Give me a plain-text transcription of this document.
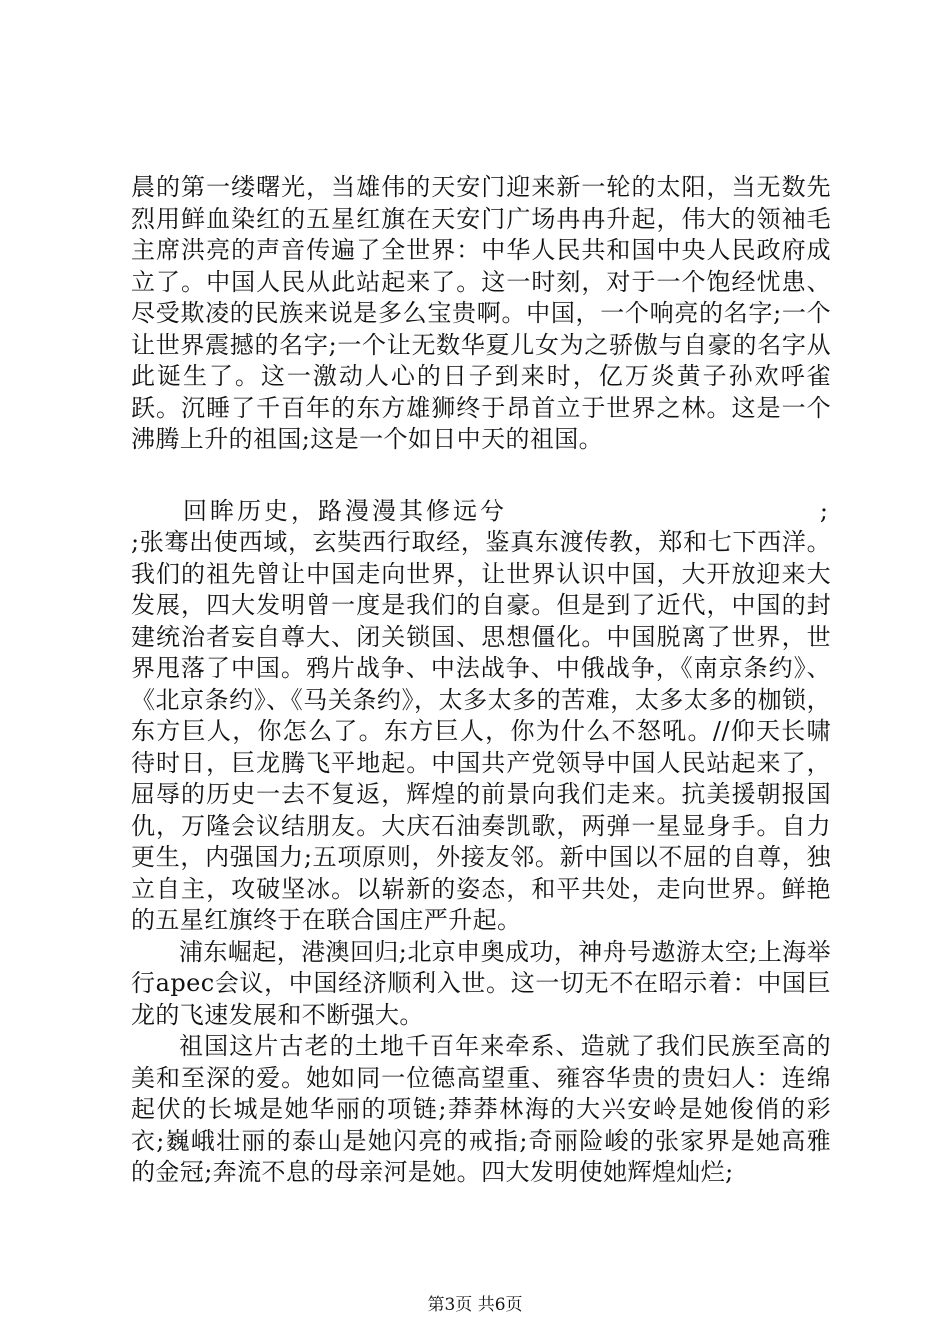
晨的第一缕曙光，当雄伟的天安门迎来新一轮的太阳，当无数先烈用鲜血染红的五星红旗在天安门广场冉冉升起，伟大的领袖毛主席洪亮的声音传遍了全世界：中华人民共和国中央人民政府成立了。中国人民从此站起来了。这一时刻，对于一个饱经忧患、尽受欺凌的民族来说是多么宝贵啊。中国，一个响亮的名字;一个让世界震撼的名字;一个让无数华夏儿女为之骄傲与自豪的名字从此诞生了。这一激动人心的日子到来时，亿万炎黄子孙欢呼雀跃。沉睡了千百年的东方雄狮终于昂首立于世界之林。这是一个沸腾上升的祖国;这是一个如日中天的祖国。

回眸历史，路漫漫其修远兮	;

;张骞出使西域，玄奘西行取经，鉴真东渡传教，郑和七下西洋。我们的祖先曾让中国走向世界，让世界认识中国，大开放迎来大发展，四大发明曾一度是我们的自豪。但是到了近代，中国的封建统治者妄自尊大、闭关锁国、思想僵化。中国脱离了世界，世界甩落了中国。鸦片战争、中法战争、中俄战争，《南京条约》、《北京条约》、《马关条约》，太多太多的苦难，太多太多的枷锁，东方巨人，你怎么了。东方巨人，你为什么不怒吼。//仰天长啸待时日，巨龙腾飞平地起。中国共产党领导中国人民站起来了，屈辱的历史一去不复返，辉煌的前景向我们走来。抗美援朝报国仇，万隆会议结朋友。大庆石油奏凯歌，两弹一星显身手。自力更生，内强国力;五项原则，外接友邻。新中国以不屈的自尊，独立自主，攻破坚冰。以崭新的姿态，和平共处，走向世界。鲜艳的五星红旗终于在联合国庄严升起。

浦东崛起，港澳回归;北京申奥成功，神舟号遨游太空;上海举行apec会议，中国经济顺利入世。这一切无不在昭示着：中国巨龙的飞速发展和不断强大。

祖国这片古老的土地千百年来牵系、造就了我们民族至高的美和至深的爱。她如同一位德高望重、雍容华贵的贵妇人：连绵起伏的长城是她华丽的项链;莽莽林海的大兴安岭是她俊俏的彩衣;巍峨壮丽的泰山是她闪亮的戒指;奇丽险峻的张家界是她高雅的金冠;奔流不息的母亲河是她。四大发明使她辉煌灿烂;

第3页 共6页
